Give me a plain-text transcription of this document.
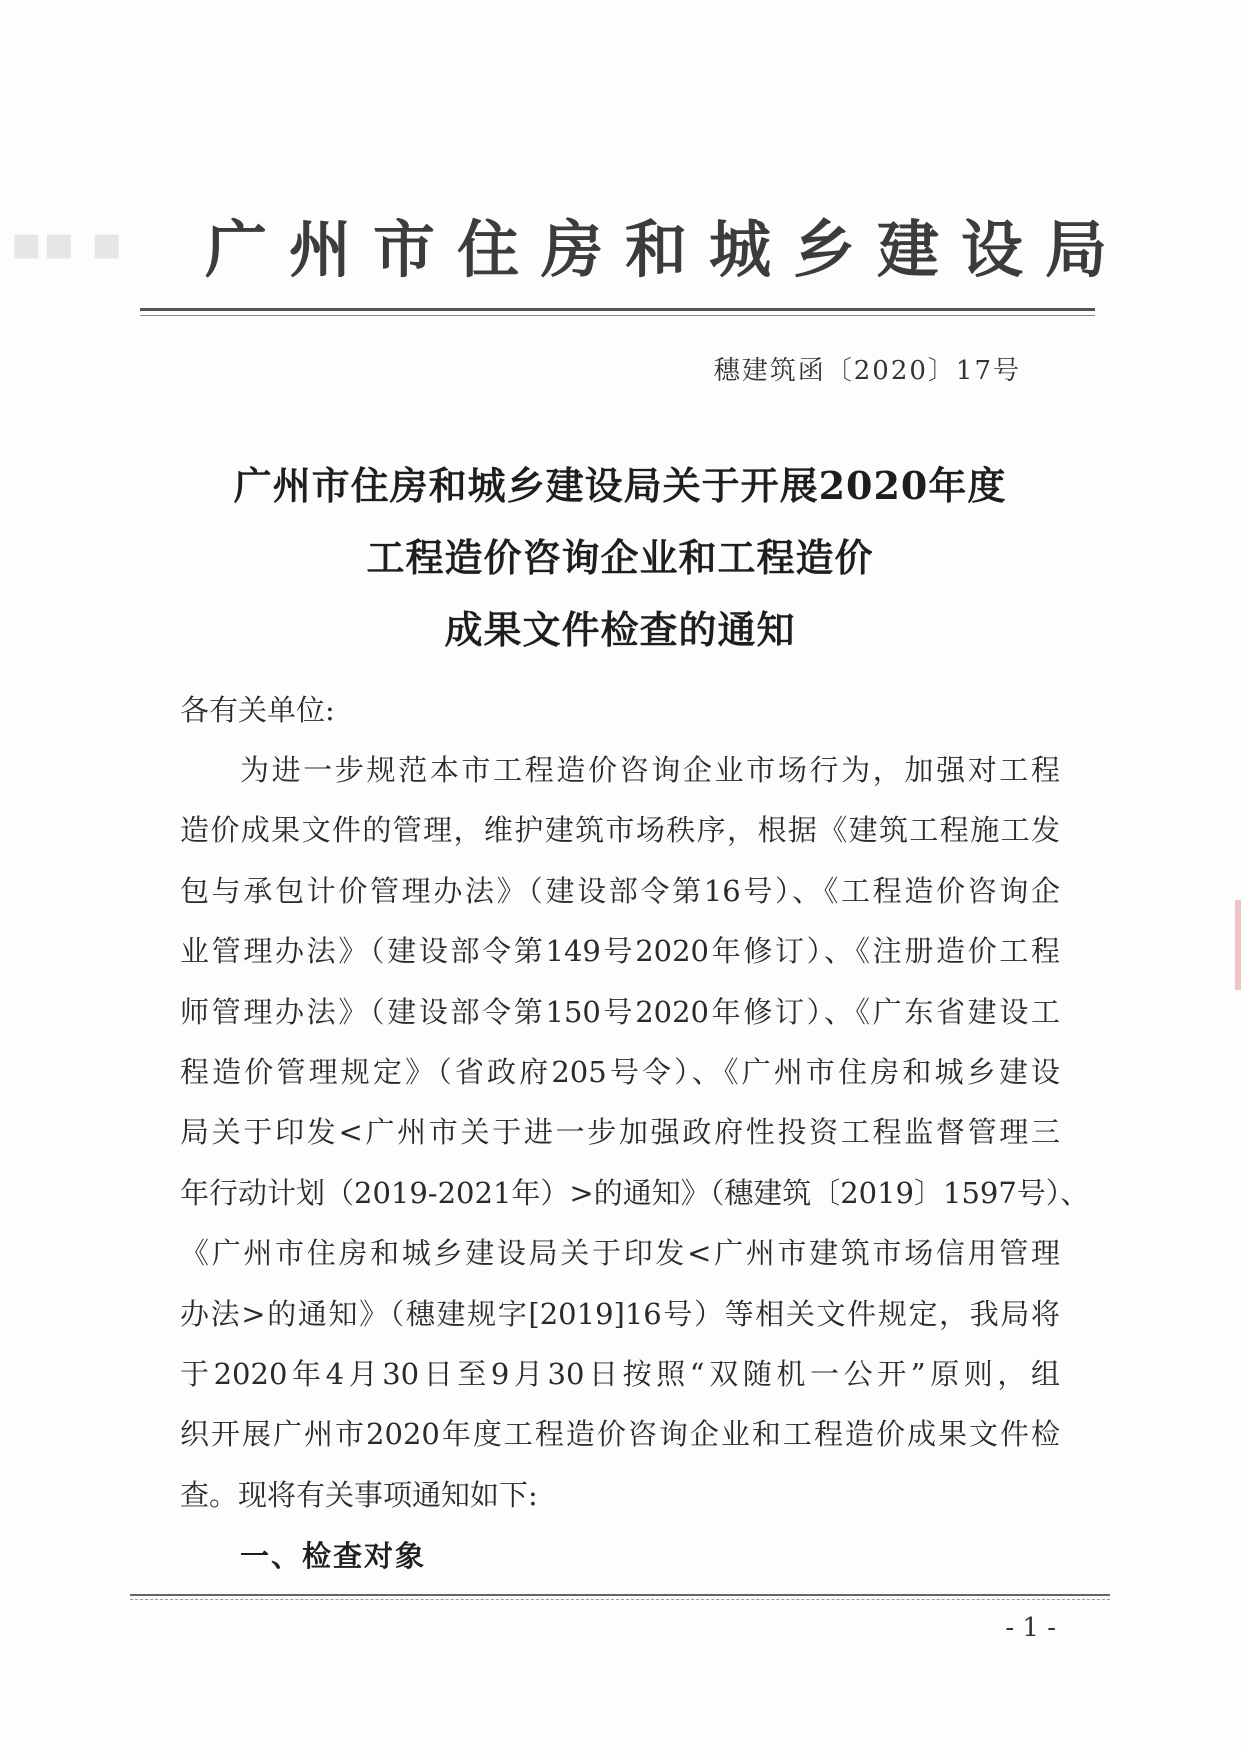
▪▪ ▪ 广州市住房和城乡建设局
穗建筑函〔2020〕17号
广州市住房和城乡建设局关于开展2020年度
工程造价咨询企业和工程造价
成果文件检查的通知
各有关单位:
为进一步规范本市工程造价咨询企业市场行为，加强对工程
造价成果文件的管理，维护建筑市场秩序，根据《建筑工程施工发
包与承包计价管理办法》（建设部令第16号）、《工程造价咨询企
业管理办法》（建设部令第149号2020年修订）、《注册造价工程
师管理办法》（建设部令第150号2020年修订）、《广东省建设工
程造价管理规定》（省政府205号令）、《广州市住房和城乡建设
局关于印发<广州市关于进一步加强政府性投资工程监督管理三
年行动计划（2019-2021年）>的通知》（穗建筑〔2019〕1597号）、
《广州市住房和城乡建设局关于印发<广州市建筑市场信用管理
办法>的通知》（穗建规字[2019]16号）等相关文件规定，我局将
于2020年4月30日至9月30日按照“双随机一公开”原则，组
织开展广州市2020年度工程造价咨询企业和工程造价成果文件检
查。现将有关事项通知如下:
一、检查对象
- 1 -
